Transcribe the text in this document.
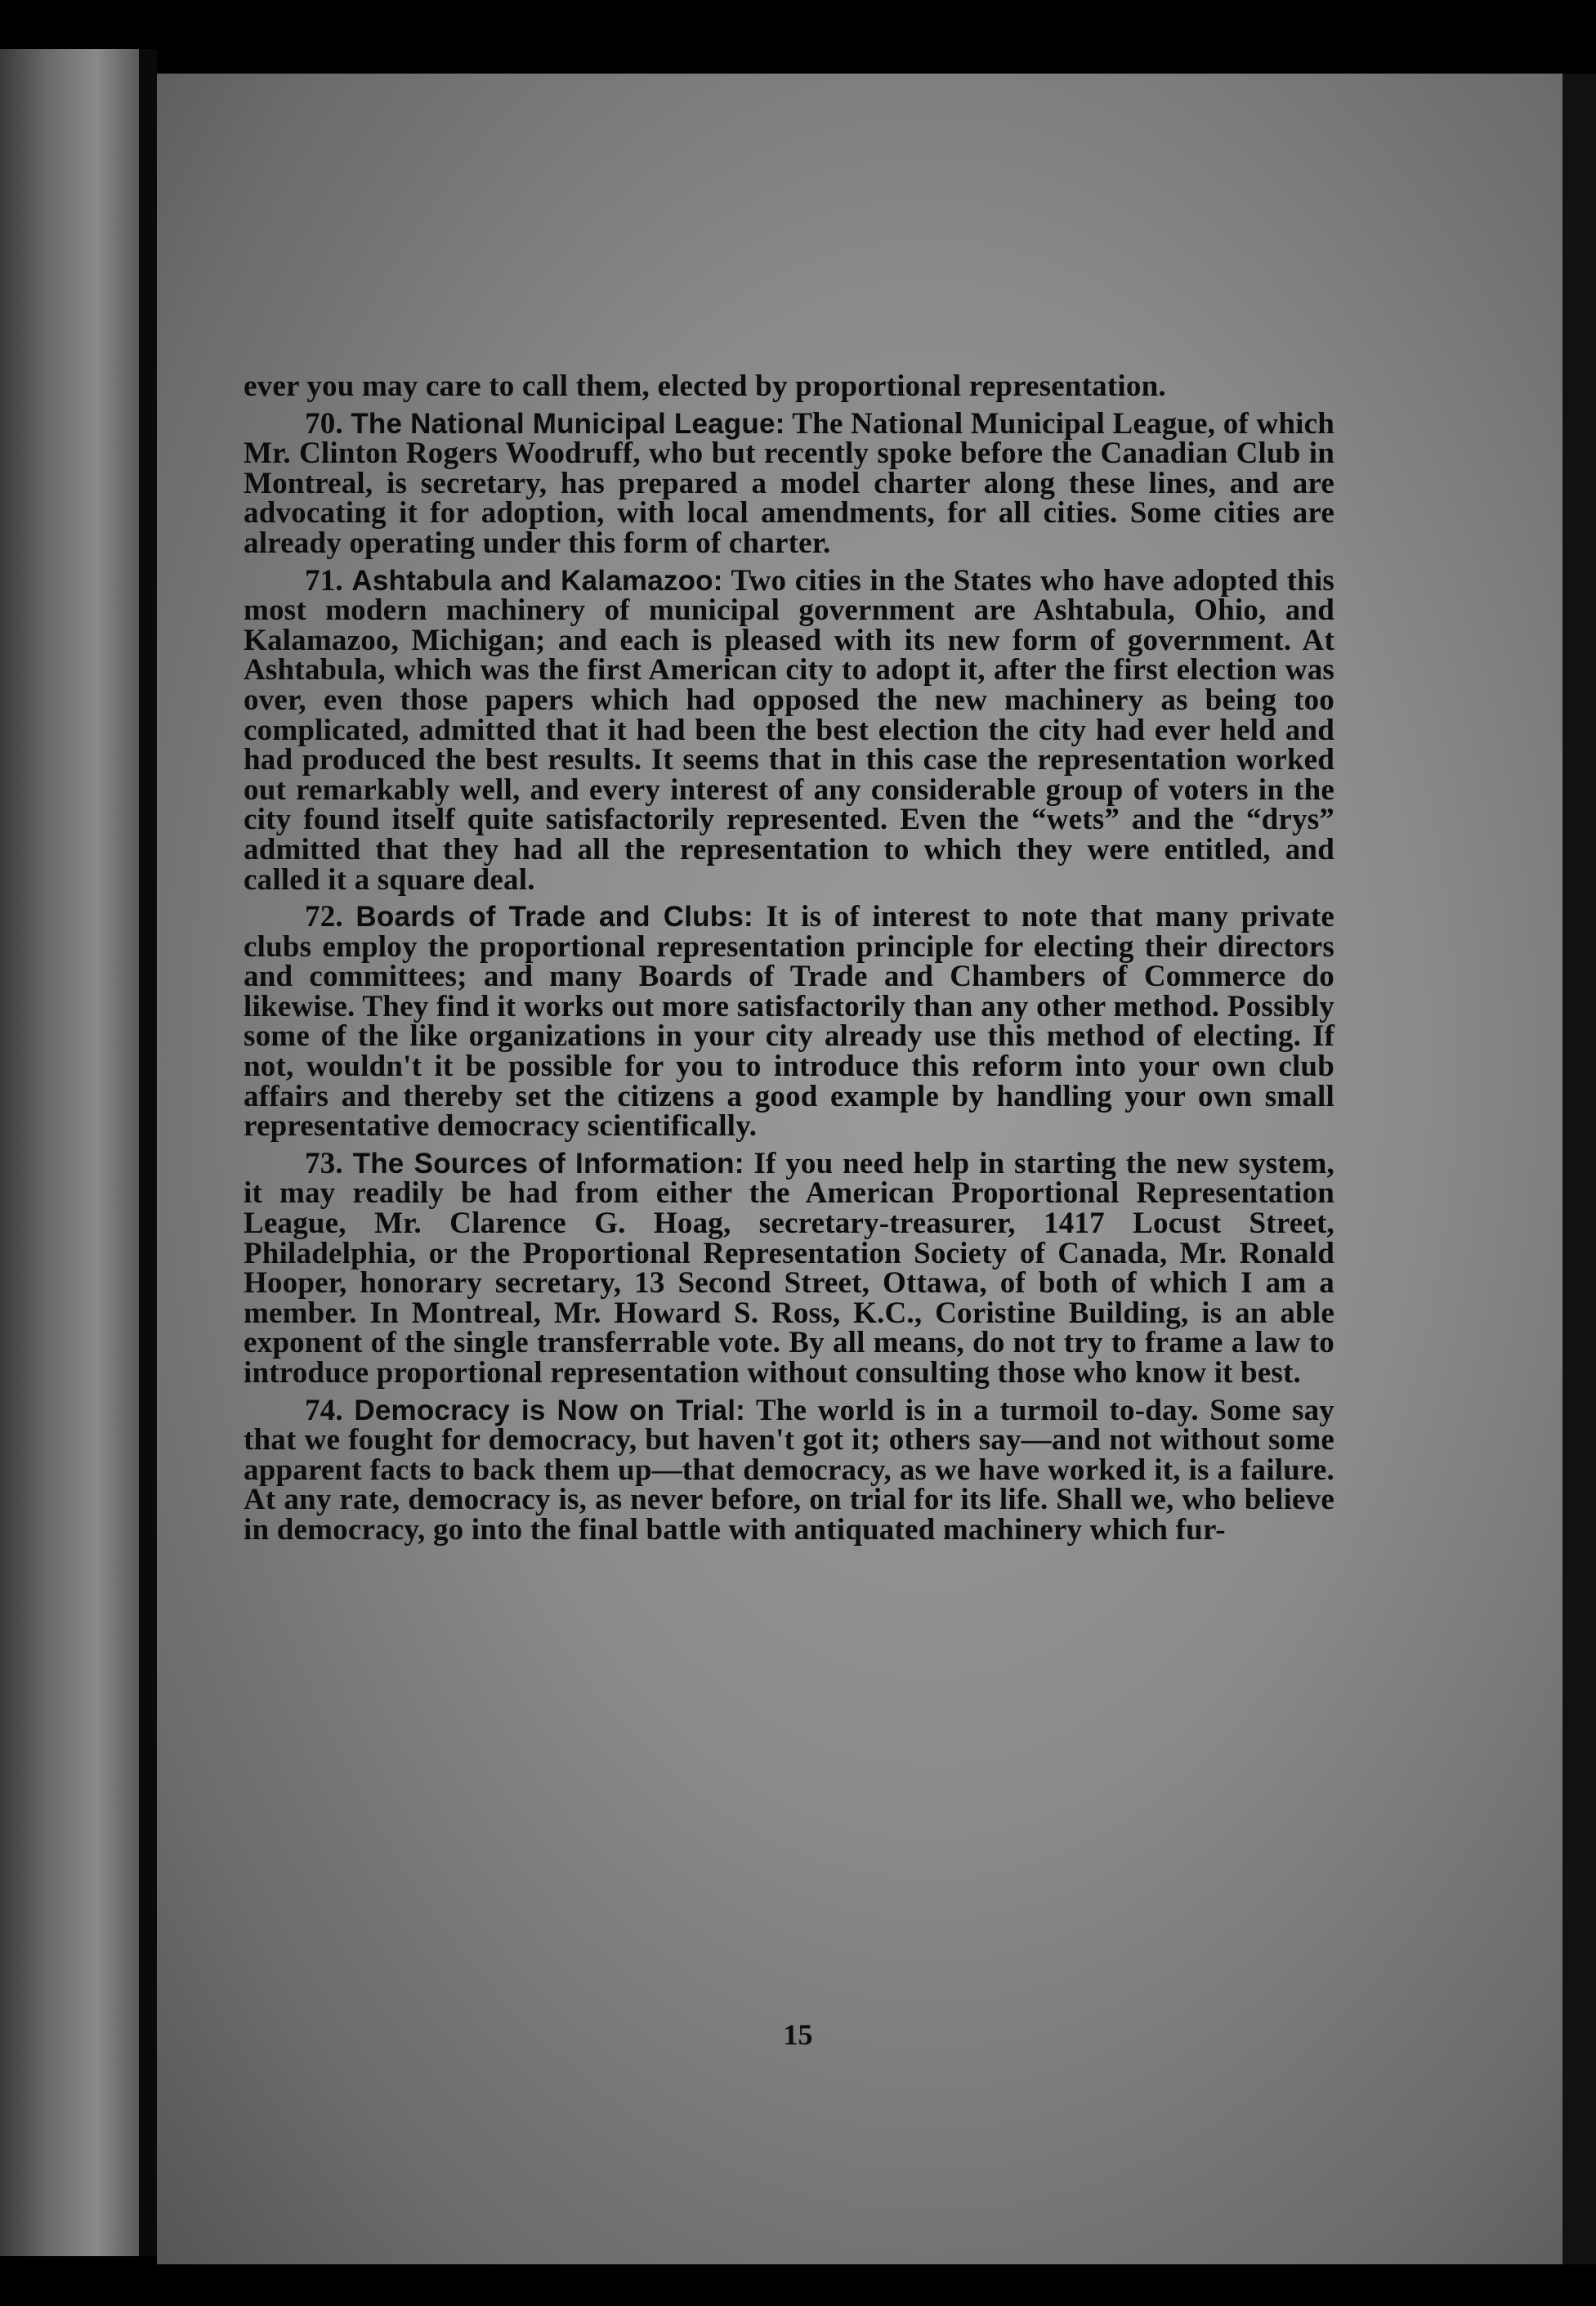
ever you may care to call them, elected by proportional representation.

70. The National Municipal League: The National Municipal League, of which Mr. Clinton Rogers Woodruff, who but recently spoke before the Canadian Club in Montreal, is secretary, has prepared a model charter along these lines, and are advocating it for adoption, with local amendments, for all cities. Some cities are already operating under this form of charter.

71. Ashtabula and Kalamazoo: Two cities in the States who have adopted this most modern machinery of municipal government are Ashtabula, Ohio, and Kalamazoo, Michigan; and each is pleased with its new form of government. At Ashtabula, which was the first American city to adopt it, after the first election was over, even those papers which had opposed the new machinery as being too complicated, admitted that it had been the best election the city had ever held and had produced the best results. It seems that in this case the representation worked out remarkably well, and every interest of any considerable group of voters in the city found itself quite satisfactorily represented. Even the “wets” and the “drys” admitted that they had all the representation to which they were entitled, and called it a square deal.

72. Boards of Trade and Clubs: It is of interest to note that many private clubs employ the proportional representation principle for electing their directors and committees; and many Boards of Trade and Chambers of Commerce do likewise. They find it works out more satisfactorily than any other method. Possibly some of the like organizations in your city already use this method of electing. If not, wouldn't it be possible for you to introduce this reform into your own club affairs and thereby set the citizens a good example by handling your own small representative democracy scientifically.

73. The Sources of Information: If you need help in starting the new system, it may readily be had from either the American Proportional Representation League, Mr. Clarence G. Hoag, secretary-treasurer, 1417 Locust Street, Philadelphia, or the Proportional Representation Society of Canada, Mr. Ronald Hooper, honorary secretary, 13 Second Street, Ottawa, of both of which I am a member. In Montreal, Mr. Howard S. Ross, K.C., Coristine Building, is an able exponent of the single transferrable vote. By all means, do not try to frame a law to introduce proportional representation without consulting those who know it best.

74. Democracy is Now on Trial: The world is in a turmoil to-day. Some say that we fought for democracy, but haven't got it; others say—and not without some apparent facts to back them up—that democracy, as we have worked it, is a failure. At any rate, democracy is, as never before, on trial for its life. Shall we, who believe in democracy, go into the final battle with antiquated machinery which fur-

15
